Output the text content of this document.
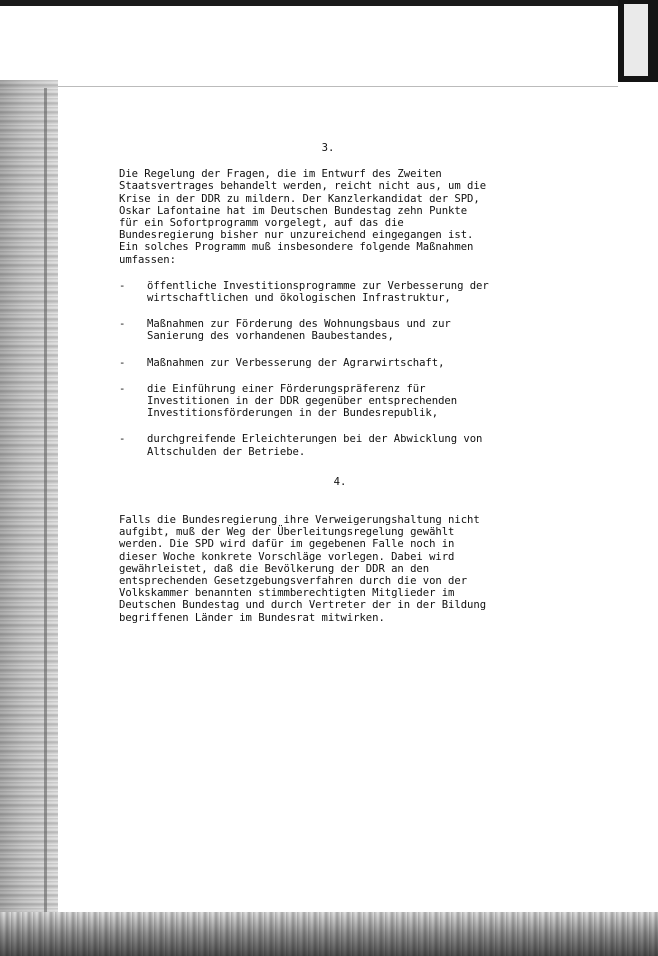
3.

Die Regelung der Fragen, die im Entwurf des Zweiten
Staatsvertrages behandelt werden, reicht nicht aus, um die
Krise in der DDR zu mildern. Der Kanzlerkandidat der SPD,
Oskar Lafontaine hat im Deutschen Bundestag zehn Punkte
für ein Sofortprogramm vorgelegt, auf das die
Bundesregierung bisher nur unzureichend eingegangen ist.
Ein solches Programm muß insbesondere folgende Maßnahmen
umfassen:

-	öffentliche Investitionsprogramme zur Verbesserung der
wirtschaftlichen und ökologischen Infrastruktur,
-	Maßnahmen zur Förderung des Wohnungsbaus und zur
Sanierung des vorhandenen Baubestandes,
-	Maßnahmen zur Verbesserung der Agrarwirtschaft,
-	die Einführung einer Förderungspräferenz für
Investitionen in der DDR gegenüber entsprechenden
Investitionsförderungen in der Bundesrepublik,
-	durchgreifende Erleichterungen bei der Abwicklung von
Altschulden der Betriebe.

4.

Falls die Bundesregierung ihre Verweigerungshaltung nicht
aufgibt, muß der Weg der Überleitungsregelung gewählt
werden. Die SPD wird dafür im gegebenen Falle noch in
dieser Woche konkrete Vorschläge vorlegen. Dabei wird
gewährleistet, daß die Bevölkerung der DDR an den
entsprechenden Gesetzgebungsverfahren durch die von der
Volkskammer benannten stimmberechtigten Mitglieder im
Deutschen Bundestag und durch Vertreter der in der Bildung
begriffenen Länder im Bundesrat mitwirken.
